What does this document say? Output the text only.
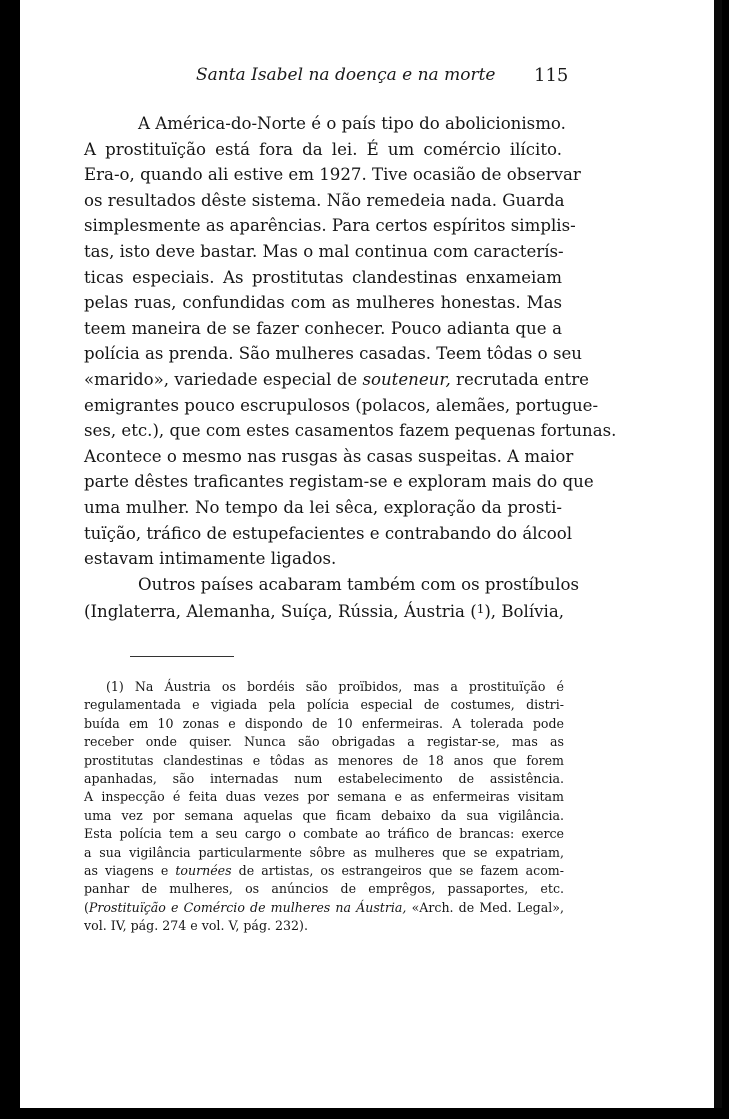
Santa Isabel na doença e na morte 115

A América-do-Norte é o país tipo do abolicionismo.
A prostituïção está fora da lei. É um comércio ilícito.
Era-o, quando ali estive em 1927. Tive ocasião de observar
os resultados dêste sistema. Não remedeia nada. Guarda
simplesmente as aparências. Para certos espíritos simplis-
tas, isto deve bastar. Mas o mal continua com caracterís-
ticas especiais. As prostitutas clandestinas enxameiam
pelas ruas, confundidas com as mulheres honestas. Mas
teem maneira de se fazer conhecer. Pouco adianta que a
polícia as prenda. São mulheres casadas. Teem tôdas o seu
«marido», variedade especial de souteneur, recrutada entre
emigrantes pouco escrupulosos (polacos, alemães, portugue-
ses, etc.), que com estes casamentos fazem pequenas fortunas.
Acontece o mesmo nas rusgas às casas suspeitas. A maior
parte dêstes traficantes registam-se e exploram mais do que
uma mulher. No tempo da lei sêca, exploração da prosti-
tuïção, tráfico de estupefacientes e contrabando do álcool
estavam intimamente ligados.

Outros países acabaram também com os prostíbulos
(Inglaterra, Alemanha, Suíça, Rússia, Áustria ($^1$), Bolívia,

(1) Na Áustria os bordéis são proïbidos, mas a prostituïção é
regulamentada e vigiada pela polícia especial de costumes, distri-
buída em 10 zonas e dispondo de 10 enfermeiras. A tolerada pode
receber onde quiser. Nunca são obrigadas a registar-se, mas as
prostitutas clandestinas e tôdas as menores de 18 anos que forem
apanhadas, são internadas num estabelecimento de assistência.
A inspecção é feita duas vezes por semana e as enfermeiras visitam
uma vez por semana aquelas que ficam debaixo da sua vigilância.
Esta polícia tem a seu cargo o combate ao tráfico de brancas: exerce
a sua vigilância particularmente sôbre as mulheres que se expatriam,
as viagens e tournées de artistas, os estrangeiros que se fazem acom-
panhar de mulheres, os anúncios de emprêgos, passaportes, etc.
(Prostituïção e Comércio de mulheres na Áustria, «Arch. de Med. Legal»,
vol. IV, pág. 274 e vol. V, pág. 232).
